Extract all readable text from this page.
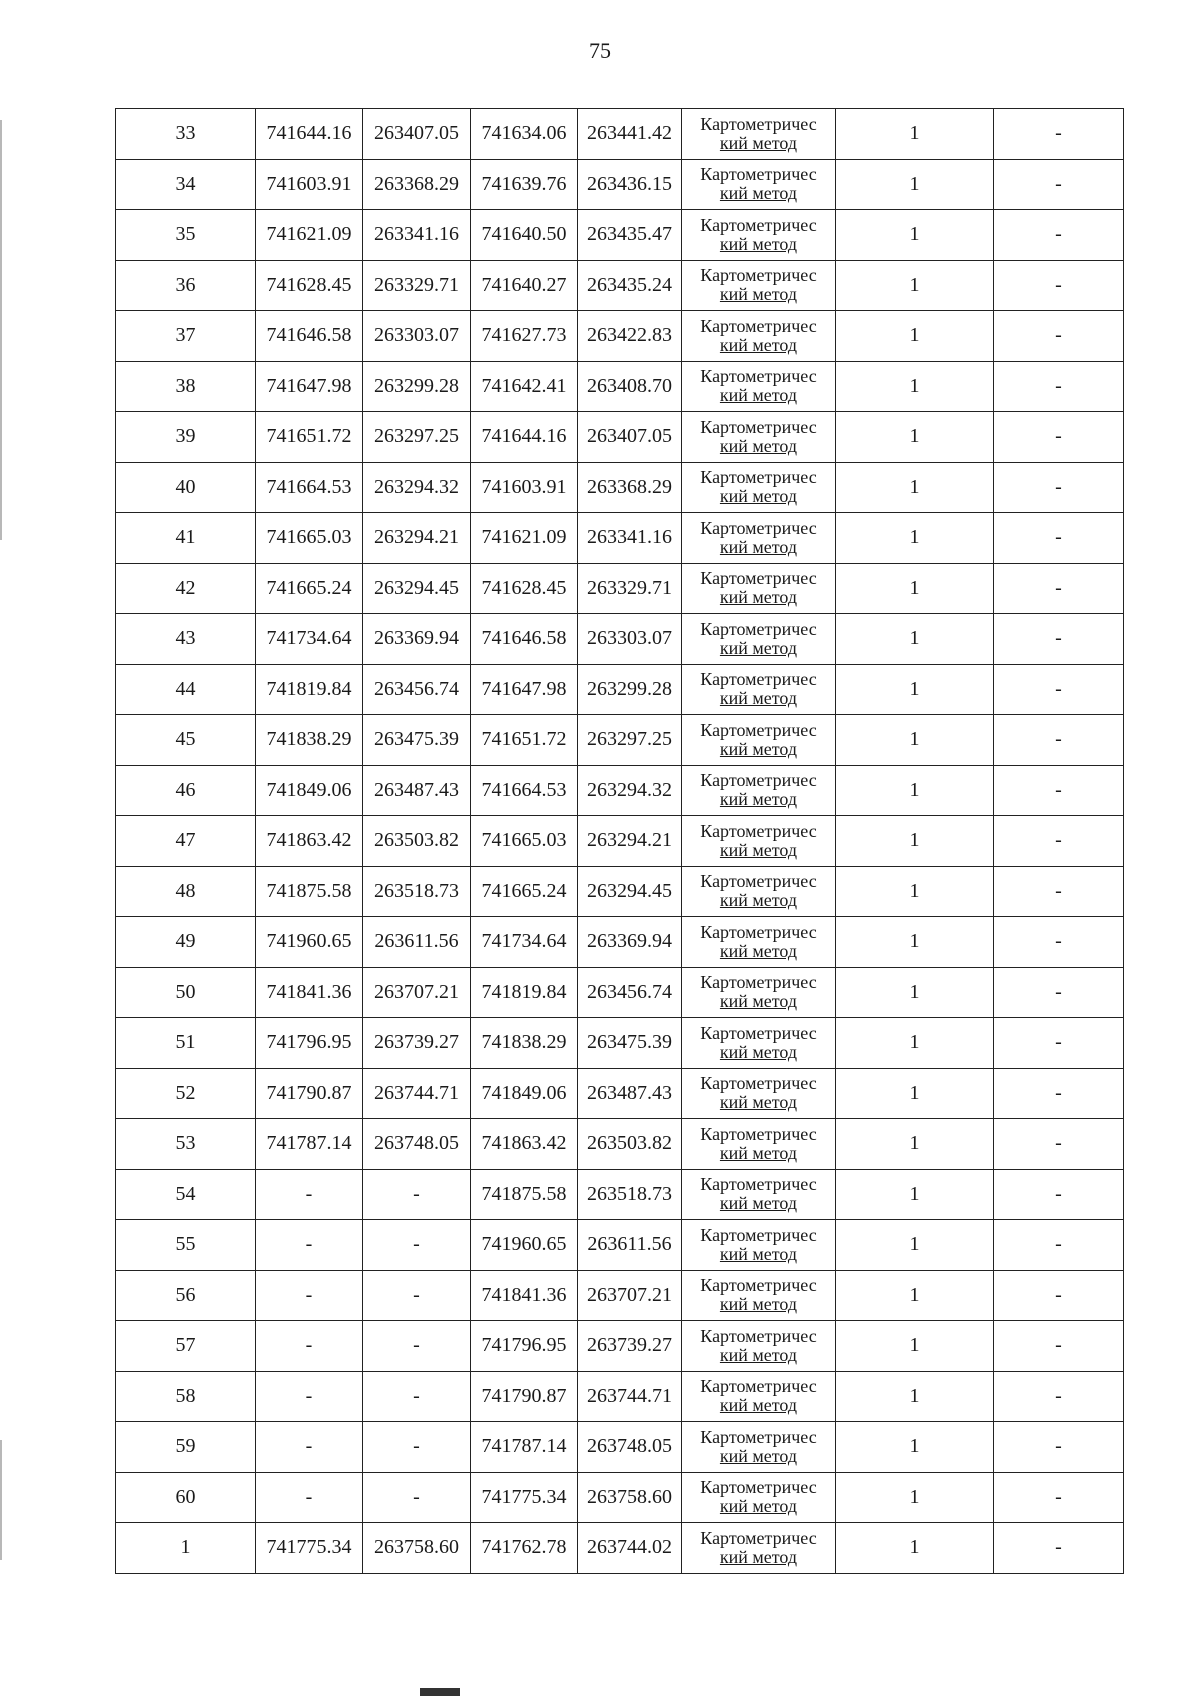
75
33	741644.16	263407.05	741634.06	263441.42	Картометричес
кий метод	1	-
34	741603.91	263368.29	741639.76	263436.15	Картометричес
кий метод	1	-
35	741621.09	263341.16	741640.50	263435.47	Картометричес
кий метод	1	-
36	741628.45	263329.71	741640.27	263435.24	Картометричес
кий метод	1	-
37	741646.58	263303.07	741627.73	263422.83	Картометричес
кий метод	1	-
38	741647.98	263299.28	741642.41	263408.70	Картометричес
кий метод	1	-
39	741651.72	263297.25	741644.16	263407.05	Картометричес
кий метод	1	-
40	741664.53	263294.32	741603.91	263368.29	Картометричес
кий метод	1	-
41	741665.03	263294.21	741621.09	263341.16	Картометричес
кий метод	1	-
42	741665.24	263294.45	741628.45	263329.71	Картометричес
кий метод	1	-
43	741734.64	263369.94	741646.58	263303.07	Картометричес
кий метод	1	-
44	741819.84	263456.74	741647.98	263299.28	Картометричес
кий метод	1	-
45	741838.29	263475.39	741651.72	263297.25	Картометричес
кий метод	1	-
46	741849.06	263487.43	741664.53	263294.32	Картометричес
кий метод	1	-
47	741863.42	263503.82	741665.03	263294.21	Картометричес
кий метод	1	-
48	741875.58	263518.73	741665.24	263294.45	Картометричес
кий метод	1	-
49	741960.65	263611.56	741734.64	263369.94	Картометричес
кий метод	1	-
50	741841.36	263707.21	741819.84	263456.74	Картометричес
кий метод	1	-
51	741796.95	263739.27	741838.29	263475.39	Картометричес
кий метод	1	-
52	741790.87	263744.71	741849.06	263487.43	Картометричес
кий метод	1	-
53	741787.14	263748.05	741863.42	263503.82	Картометричес
кий метод	1	-
54	-	-	741875.58	263518.73	Картометричес
кий метод	1	-
55	-	-	741960.65	263611.56	Картометричес
кий метод	1	-
56	-	-	741841.36	263707.21	Картометричес
кий метод	1	-
57	-	-	741796.95	263739.27	Картометричес
кий метод	1	-
58	-	-	741790.87	263744.71	Картометричес
кий метод	1	-
59	-	-	741787.14	263748.05	Картометричес
кий метод	1	-
60	-	-	741775.34	263758.60	Картометричес
кий метод	1	-
1	741775.34	263758.60	741762.78	263744.02	Картометричес
кий метод	1	-
